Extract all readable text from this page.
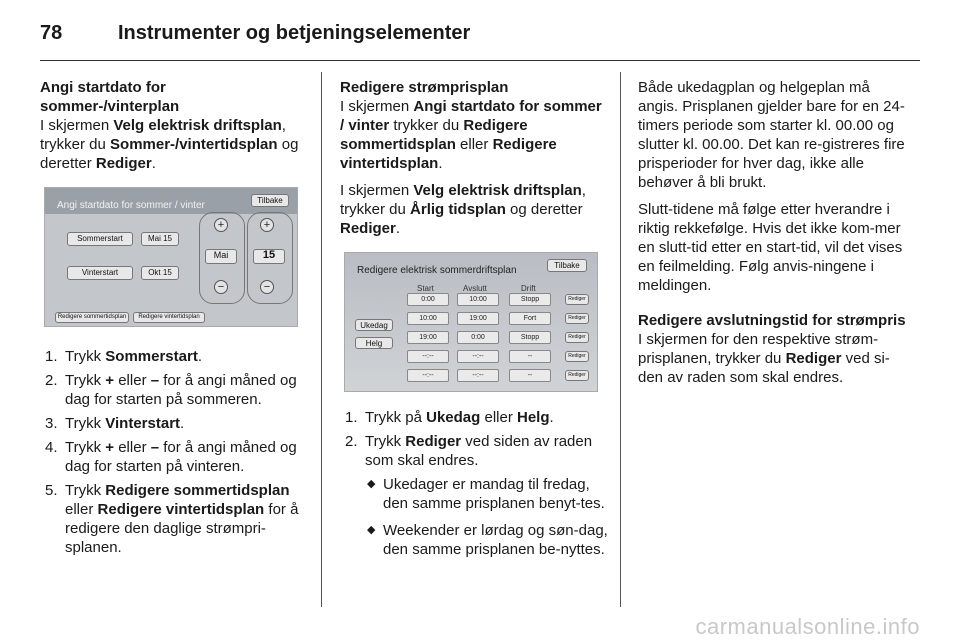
78	Instrumenter og betjeningselementer

Angi startdato for sommer-/vinterplan
I skjermen Velg elektrisk driftsplan, trykker du Sommer-/vintertidsplan og deretter Rediger.

Angi startdato for sommer / vinter	Tilbake
Sommerstart	Mai 15
Vinterstart	Okt 15
+
−
Mai
+
−
15
Redigere sommertidsplan	Redigere vintertidsplan
1. Trykk Sommerstart.
2. Trykk + eller – for å angi måned og dag for starten på sommeren.
3. Trykk Vinterstart.
4. Trykk + eller – for å angi måned og dag for starten på vinteren.
5. Trykk Redigere sommertidsplan eller Redigere vintertidsplan for å redigere den daglige strømpri-splanen.

Redigere strømprisplan
I skjermen Angi startdato for sommer / vinter trykker du Redigere sommertidsplan eller Redigere vintertidsplan.

I skjermen Velg elektrisk driftsplan, trykker du Årlig tidsplan og deretter Rediger.

Redigere elektrisk sommerdriftsplan	Tilbake
Start	Avslutt	Drift
Ukedag
Helg
0:00	10:00	Stopp	Rediger
10:00	19:00	Fort	Rediger
19:00	0:00	Stopp	Rediger
--:--	--:--	--	Rediger
--:--	--:--	--	Rediger
1. Trykk på Ukedag eller Helg.
2. Trykk Rediger ved siden av raden som skal endres.
◆ Ukedager er mandag til fredag, den samme prisplanen benyt-tes.
◆ Weekender er lørdag og søn-dag, den samme prisplanen be-nyttes.

Både ukedagplan og helgeplan må angis. Prisplanen gjelder bare for en 24-timers periode som starter kl. 00.00 og slutter kl. 00.00. Det kan re-gistreres fire prisperioder for hver dag, ikke alle behøver å bli brukt.

Slutt-tidene må følge etter hverandre i riktig rekkefølge. Hvis det ikke kom-mer en slutt-tid etter en start-tid, vil det vises en feilmelding. Følg anvis-ningene i meldingen.

Redigere avslutningstid for strømpris
I skjermen for den respektive strøm-prisplanen, trykker du Rediger ved si-den av raden som skal endres.

carmanualsonline.info
